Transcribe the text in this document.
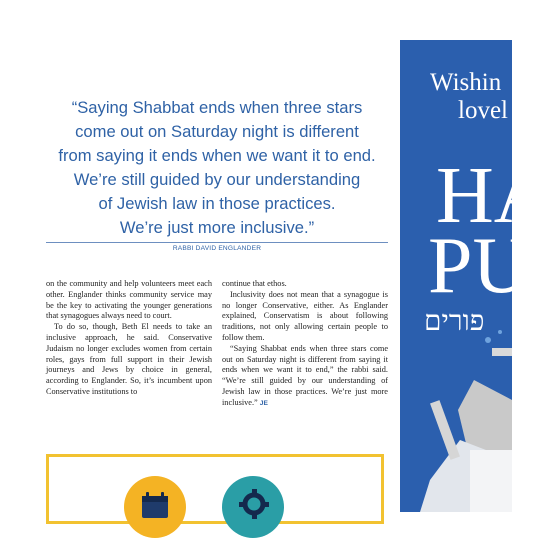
“Saying Shabbat ends when three stars
come out on Saturday night is different
from saying it ends when we want it to end.
We’re still guided by our understanding
of Jewish law in those practices.
We’re just more inclusive.”
RABBI DAVID ENGLANDER

on the community and help volunteers meet each other. Englander thinks community service may be the key to activating the younger generations that synagogues always need to court.

To do so, though, Beth El needs to take an inclusive approach, he said. Conservative Judaism no longer excludes women from certain roles, gays from full support in their Jewish journeys and Jews by choice in general, according to Englander. So, it’s incumbent upon Conservative institutions to

continue that ethos.

Inclusivity does not mean that a synagogue is no longer Conservative, either. As Englander explained, Conservatism is about following traditions, not only allowing certain people to follow them.

“Saying Shabbat ends when three stars come out on Saturday night is different from saying it ends when we want it to end,” the rabbi said. “We’re still guided by our understanding of Jewish law in those practices. We’re just more inclusive.” JE

Wishin
lovel
HA
PU
פורים
